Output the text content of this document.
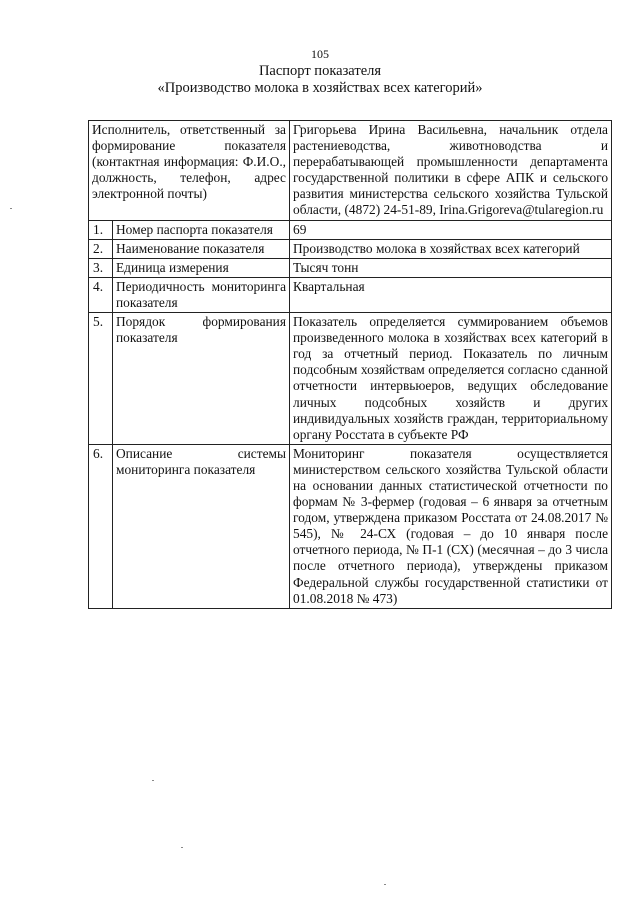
105
Паспорт показателя
«Производство молока в хозяйствах всех категорий»
Исполнитель, ответственный за формирование показателя (контактная информация: Ф.И.О., должность, телефон, адрес электронной почты)		Григорьева Ирина Васильевна, начальник отдела растениеводства, животноводства и перерабатывающей промышленности департамента государственной политики в сфере АПК и сельского развития министерства сельского хозяйства Тульской области, (4872) 24-51-89, Irina.Grigoreva@tularegion.ru
1.	Номер паспорта показателя	69
2.	Наименование показателя	Производство молока в хозяйствах всех категорий
3.	Единица измерения	Тысяч тонн
4.	Периодичность мониторинга показателя	Квартальная
5.	Порядок формирования показателя	Показатель определяется суммированием объемов произведенного молока в хозяйствах всех категорий в год за отчетный период. Показатель по личным подсобным хозяйствам определяется согласно сданной отчетности интервьюеров, ведущих обследование личных подсобных хозяйств и других индивидуальных хозяйств граждан, территориальному органу Росстата в субъекте РФ
6.	Описание системы мониторинга показателя	Мониторинг показателя осуществляется министерством сельского хозяйства Тульской области на основании данных статистической отчетности по формам № 3-фермер (годовая – 6 января за отчетным годом, утверждена приказом Росстата от 24.08.2017 № 545), № 24-СХ (годовая – до 10 января после отчетного периода, № П-1 (СХ) (месячная – до 3 числа после отчетного периода), утверждены приказом Федеральной службы государственной статистики от 01.08.2018 № 473)
